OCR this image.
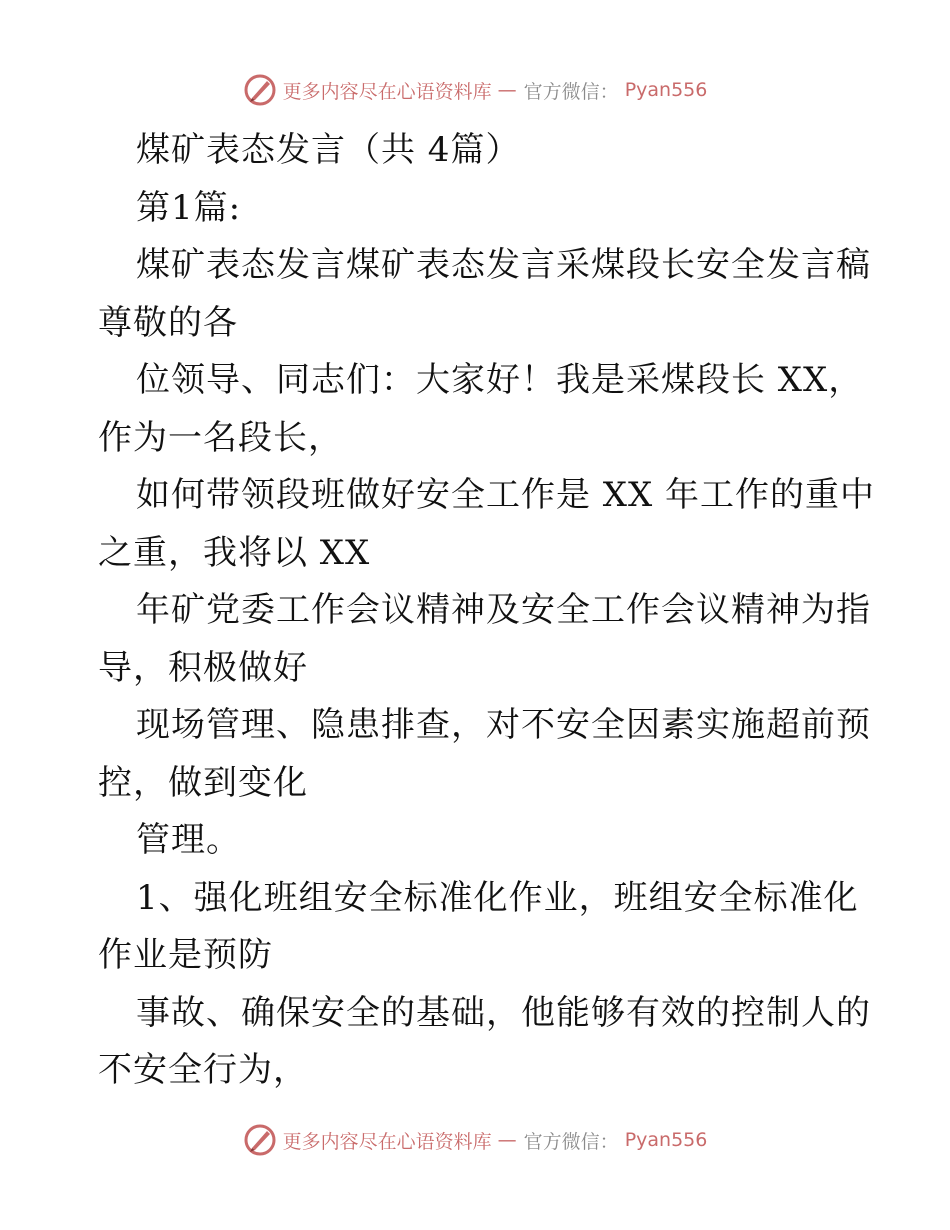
更多内容尽在心语资料库 — 官方微信： Pyan556
煤矿表态发言（共 4篇）
第1篇:
煤矿表态发言煤矿表态发言采煤段长安全发言稿
尊敬的各
位领导、同志们：大家好！我是采煤段长 XX，
作为一名段长，
如何带领段班做好安全工作是 XX 年工作的重中
之重，我将以 XX
年矿党委工作会议精神及安全工作会议精神为指
导，积极做好
现场管理、隐患排查，对不安全因素实施超前预
控，做到变化
管理。
1、强化班组安全标准化作业，班组安全标准化
作业是预防
事故、确保安全的基础，他能够有效的控制人的
不安全行为，
更多内容尽在心语资料库 — 官方微信： Pyan556
